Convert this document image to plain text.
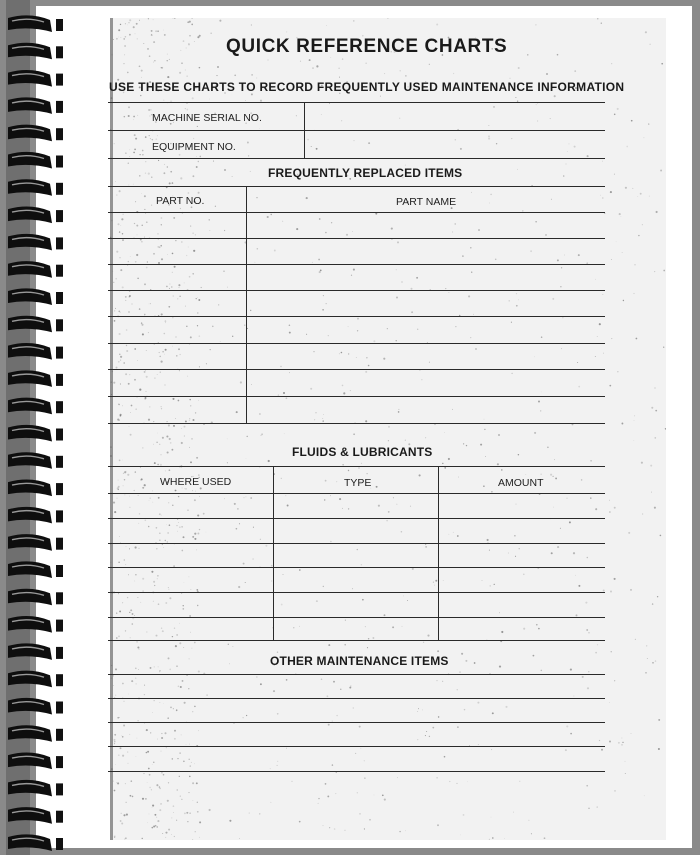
QUICK REFERENCE CHARTS
USE THESE CHARTS TO RECORD FREQUENTLY USED MAINTENANCE INFORMATION
MACHINE SERIAL NO.
EQUIPMENT NO.
FREQUENTLY REPLACED ITEMS
PART NO.	PART NAME
FLUIDS & LUBRICANTS
WHERE USED	TYPE	AMOUNT
OTHER MAINTENANCE ITEMS
